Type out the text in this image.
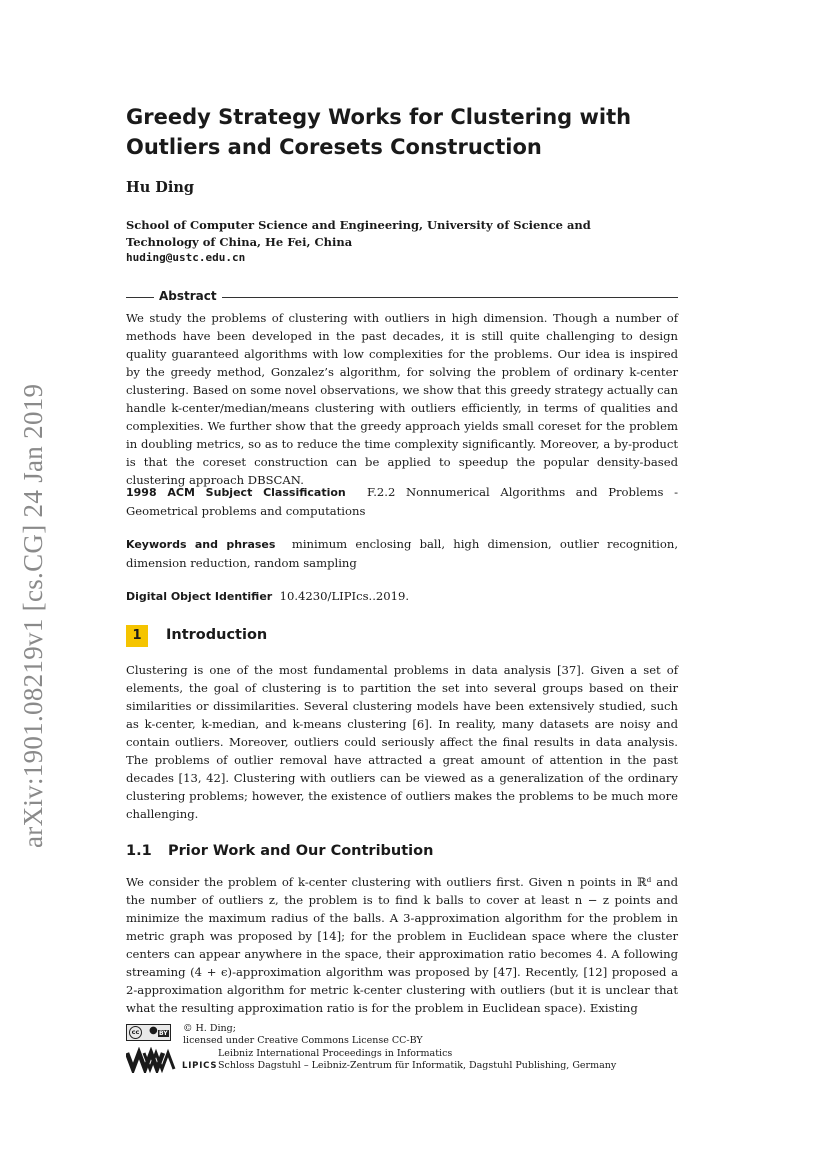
arXiv:1901.08219v1 [cs.CG] 24 Jan 2019
Greedy Strategy Works for Clustering with
Outliers and Coresets Construction

Hu Ding

School of Computer Science and Engineering, University of Science and
Technology of China, He Fei, China

huding@ustc.edu.cn
Abstract

We study the problems of clustering with outliers in high dimension. Though a number of methods have been developed in the past decades, it is still quite challenging to design quality guaranteed algorithms with low complexities for the problems. Our idea is inspired by the greedy method, Gonzalez’s algorithm, for solving the problem of ordinary k-center clustering. Based on some novel observations, we show that this greedy strategy actually can handle k-center/median/means clustering with outliers efficiently, in terms of qualities and complexities. We further show that the greedy approach yields small coreset for the problem in doubling metrics, so as to reduce the time complexity significantly. Moreover, a by-product is that the coreset construction can be applied to speedup the popular density-based clustering approach DBSCAN.

1998 ACM Subject Classification F.2.2 Nonnumerical Algorithms and Problems - Geometrical problems and computations

Keywords and phrases minimum enclosing ball, high dimension, outlier recognition, dimension reduction, random sampling

Digital Object Identifier 10.4230/LIPIcs..2019.

1	Introduction

Clustering is one of the most fundamental problems in data analysis [37]. Given a set of elements, the goal of clustering is to partition the set into several groups based on their similarities or dissimilarities. Several clustering models have been extensively studied, such as k-center, k-median, and k-means clustering [6]. In reality, many datasets are noisy and contain outliers. Moreover, outliers could seriously affect the final results in data analysis. The problems of outlier removal have attracted a great amount of attention in the past decades [13, 42]. Clustering with outliers can be viewed as a generalization of the ordinary clustering problems; however, the existence of outliers makes the problems to be much more challenging.

1.1 Prior Work and Our Contribution

We consider the problem of k-center clustering with outliers first. Given n points in ℝᵈ and the number of outliers z, the problem is to find k balls to cover at least n − z points and minimize the maximum radius of the balls. A 3-approximation algorithm for the problem in metric graph was proposed by [14]; for the problem in Euclidean space where the cluster centers can appear anywhere in the space, their approximation ratio becomes 4. A following streaming (4 + ϵ)-approximation algorithm was proposed by [47]. Recently, [12] proposed a 2-approximation algorithm for metric k-center clustering with outliers (but it is unclear that what the resulting approximation ratio is for the problem in Euclidean space). Existing

cc ● BY © H. Ding;
licensed under Creative Commons License CC-BY
LIPICS
Leibniz International Proceedings in Informatics
Schloss Dagstuhl – Leibniz-Zentrum für Informatik, Dagstuhl Publishing, Germany
